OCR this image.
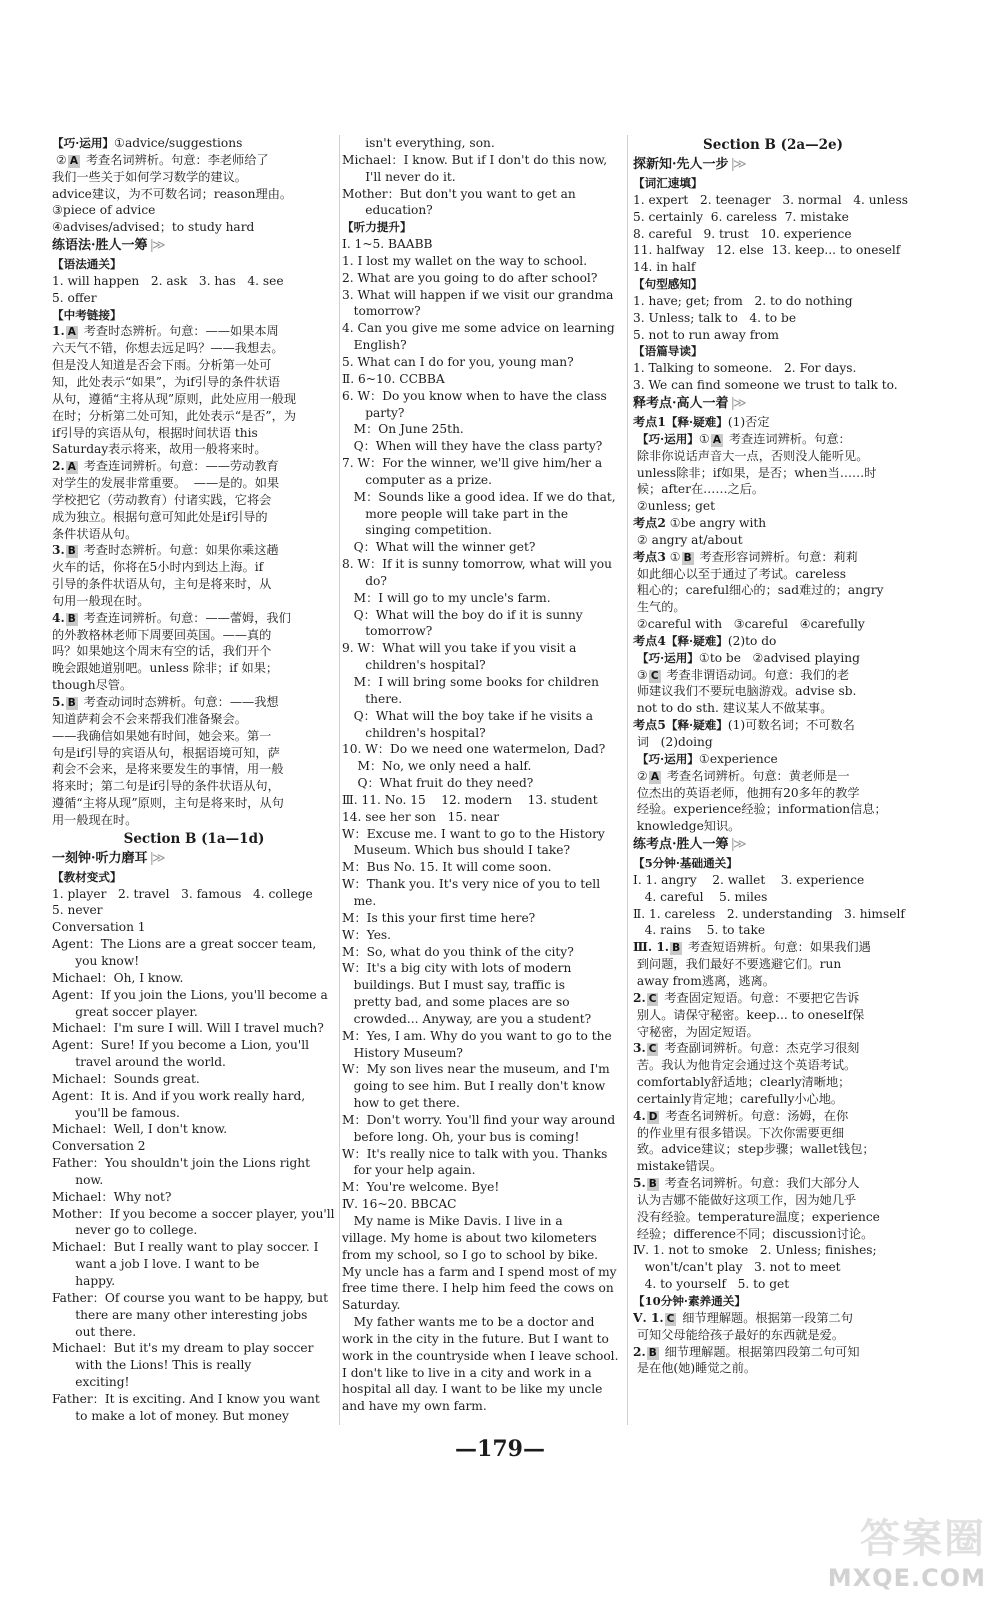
【巧·运用】①advice/suggestions
② A 考查名词辨析。句意：李老师给了
我们一些关于如何学习数学的建议。
advice建议，为不可数名词；reason理由。
③piece of advice
④advises/advised；to study hard
练语法·胜人一筹 |≫
【语法通关】
1. will happen   2. ask   3. has   4. see
5. offer
【中考链接】
1. A 考查时态辨析。句意：——如果本周
六天气不错，你想去远足吗？——我想去。
但是没人知道是否会下雨。分析第一处可
知，此处表示“如果”，为if引导的条件状语
从句，遵循“主将从现”原则，此处应用一般现
在时；分析第二处可知，此处表示“是否”，为
if引导的宾语从句，根据时间状语 this
Saturday表示将来，故用一般将来时。
2. A 考查连词辨析。句意：——劳动教育
对学生的发展非常重要。  ——是的。如果
学校把它（劳动教育）付诸实践，它将会
成为独立。根据句意可知此处是if引导的
条件状语从句。
3. B 考查时态辨析。句意：如果你乘这趟
火车的话，你将在5小时内到达上海。if
引导的条件状语从句，主句是将来时，从
句用一般现在时。
4. B 考查连词辨析。句意：——蕾姆，我们
的外教格林老师下周要回英国。——真的
吗？如果她这个周末有空的话，我们开个
晚会跟她道别吧。unless 除非；if 如果；
though尽管。
5. B 考查动词时态辨析。句意：——我想
知道萨莉会不会来帮我们准备聚会。
——我确信如果她有时间，她会来。第一
句是if引导的宾语从句，根据语境可知，萨
莉会不会来，是将来要发生的事情，用一般
将来时；第二句是if引导的条件状语从句，
遵循“主将从现”原则，主句是将来时，从句
用一般现在时。
Section B (1a—1d)
一刻钟·听力磨耳 |≫
【教材变式】
1. player   2. travel   3. famous   4. college
5. never
Conversation 1
Agent：The Lions are a great soccer team,
you know!
Michael：Oh, I know.
Agent：If you join the Lions, you'll become a
great soccer player.
Michael：I'm sure I will. Will I travel much?
Agent：Sure! If you become a Lion, you'll
travel around the world.
Michael：Sounds great.
Agent：It is. And if you work really hard,
you'll be famous.
Michael：Well, I don't know.
Conversation 2
Father：You shouldn't join the Lions right
now.
Michael：Why not?
Mother：If you become a soccer player, you'll
never go to college.
Michael：But I really want to play soccer. I
want a job I love. I want to be
happy.
Father：Of course you want to be happy, but
there are many other interesting jobs
out there.
Michael：But it's my dream to play soccer
with the Lions! This is really
exciting!
Father：It is exciting. And I know you want
to make a lot of money. But money
isn't everything, son.
Michael：I know. But if I don't do this now,
I'll never do it.
Mother：But don't you want to get an
education?
【听力提升】
Ⅰ. 1~5. BAABB
1. I lost my wallet on the way to school.
2. What are you going to do after school?
3. What will happen if we visit our grandma
tomorrow?
4. Can you give me some advice on learning
English?
5. What can I do for you, young man?
Ⅱ. 6~10. CCBBA
6. W：Do you know when to have the class
party?
M：On June 25th.
Q：When will they have the class party?
7. W：For the winner, we'll give him/her a
computer as a prize.
M：Sounds like a good idea. If we do that,
more people will take part in the
singing competition.
Q：What will the winner get?
8. W：If it is sunny tomorrow, what will you
do?
M：I will go to my uncle's farm.
Q：What will the boy do if it is sunny
tomorrow?
9. W：What will you take if you visit a
children's hospital?
M：I will bring some books for children
there.
Q：What will the boy take if he visits a
children's hospital?
10. W：Do we need one watermelon, Dad?
M：No, we only need a half.
Q：What fruit do they need?
Ⅲ. 11. No. 15    12. modern    13. student
14. see her son   15. near
W：Excuse me. I want to go to the History
Museum. Which bus should I take?
M：Bus No. 15. It will come soon.
W：Thank you. It's very nice of you to tell
me.
M：Is this your first time here?
W：Yes.
M：So, what do you think of the city?
W：It's a big city with lots of modern
buildings. But I must say, traffic is
pretty bad, and some places are so
crowded... Anyway, are you a student?
M：Yes, I am. Why do you want to go to the
History Museum?
W：My son lives near the museum, and I'm
going to see him. But I really don't know
how to get there.
M：Don't worry. You'll find your way around
before long. Oh, your bus is coming!
W：It's really nice to talk with you. Thanks
for your help again.
M：You're welcome. Bye!
Ⅳ. 16~20. BBCAC
My name is Mike Davis. I live in a
village. My home is about two kilometers
from my school, so I go to school by bike.
My uncle has a farm and I spend most of my
free time there. I help him feed the cows on
Saturday.
My father wants me to be a doctor and
work in the city in the future. But I want to
work in the countryside when I leave school.
I don't like to live in a city and work in a
hospital all day. I want to be like my uncle
and have my own farm.
Section B (2a—2e)
探新知·先人一步 |≫
【词汇速填】
1. expert   2. teenager   3. normal   4. unless
5. certainly  6. careless  7. mistake
8. careful   9. trust   10. experience
11. halfway   12. else  13. keep... to oneself
14. in half
【句型感知】
1. have; get; from   2. to do nothing
3. Unless; talk to   4. to be
5. not to run away from
【语篇导读】
1. Talking to someone.   2. For days.
3. We can find someone we trust to talk to.
释考点·高人一着 |≫
考点1【释·疑难】(1)否定
【巧·运用】① A 考查连词辨析。句意：
除非你说话声音大一点，否则没人能听见。
unless除非；if如果，是否；when当……时
候；after在……之后。
②unless; get
考点2 ①be angry with
② angry at/about
考点3 ① B 考查形容词辨析。句意：莉莉
如此细心以至于通过了考试。careless
粗心的；careful细心的；sad难过的；angry
生气的。
②careful with   ③careful   ④carefully
考点4【释·疑难】(2)to do
【巧·运用】①to be   ②advised playing
③ C 考查非谓语动词。句意：我们的老
师建议我们不要玩电脑游戏。advise sb.
not to do sth. 建议某人不做某事。
考点5【释·疑难】(1)可数名词；不可数名
词   (2)doing
【巧·运用】①experience
② A 考查名词辨析。句意：黄老师是一
位杰出的英语老师，他拥有20多年的教学
经验。experience经验；information信息；
knowledge知识。
练考点·胜人一筹 |≫
【5分钟·基础通关】
Ⅰ. 1. angry    2. wallet    3. experience
4. careful    5. miles
Ⅱ. 1. careless   2. understanding   3. himself
4. rains    5. to take
Ⅲ. 1. B 考查短语辨析。句意：如果我们遇
到问题，我们最好不要逃避它们。run
away from逃离，逃离。
2. C 考查固定短语。句意：不要把它告诉
别人。请保守秘密。keep... to oneself保
守秘密，为固定短语。
3. C 考查副词辨析。句意：杰克学习很刻
苦。我认为他肯定会通过这个英语考试。
comfortably舒适地；clearly清晰地；
certainly肯定地；carefully小心地。
4. D 考查名词辨析。句意：汤姆，在你
的作业里有很多错误。下次你需要更细
致。advice建议；step步骤；wallet钱包；
mistake错误。
5. B 考查名词辨析。句意：我们大部分人
认为吉娜不能做好这项工作，因为她几乎
没有经验。temperature温度；experience
经验；difference不同；discussion讨论。
Ⅳ. 1. not to smoke   2. Unless; finishes;
won't/can't play   3. not to meet
4. to yourself   5. to get
【10分钟·素养通关】
Ⅴ. 1. C 细节理解题。根据第一段第二句
可知父母能给孩子最好的东西就是爱。
2. B 细节理解题。根据第四段第二句可知
是在他(她)睡觉之前。
—179—
答案圈
MXQE.COM
